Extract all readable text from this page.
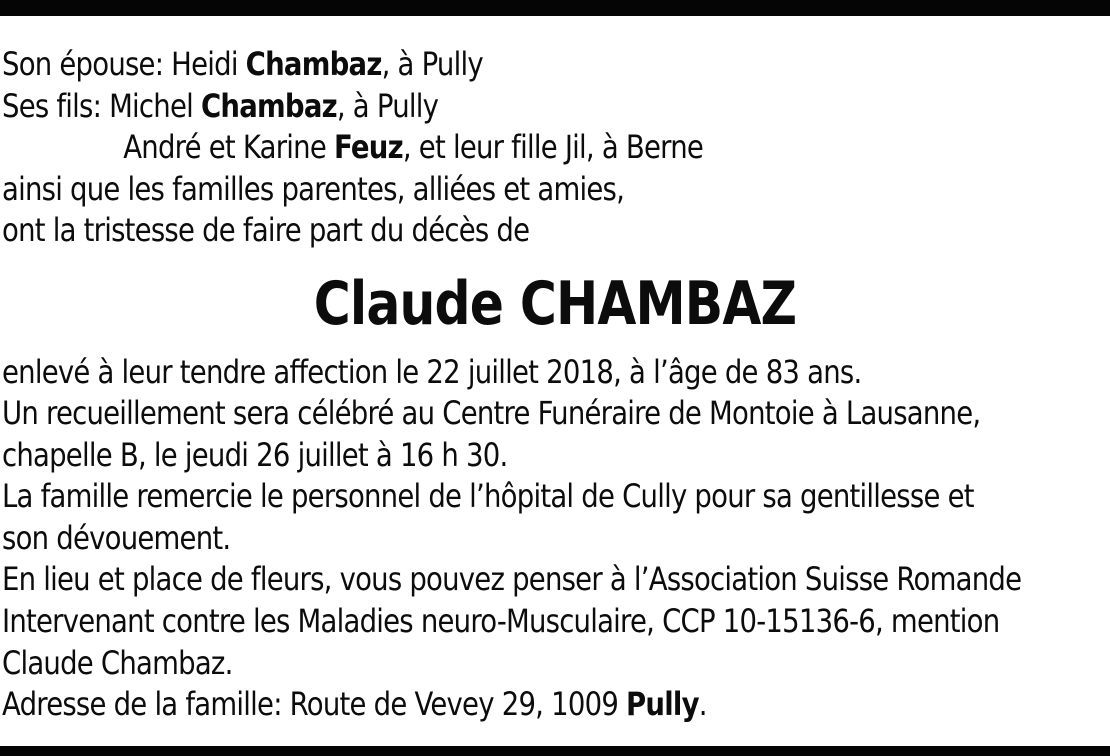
Son épouse: Heidi Chambaz, à Pully
Ses fils: Michel Chambaz, à Pully
André et Karine Feuz, et leur fille Jil, à Berne
ainsi que les familles parentes, alliées et amies,
ont la tristesse de faire part du décès de
Claude CHAMBAZ
enlevé à leur tendre affection le 22 juillet 2018, à l’âge de 83 ans.
Un recueillement sera célébré au Centre Funéraire de Montoie à Lausanne,
chapelle B, le jeudi 26 juillet à 16 h 30.
La famille remercie le personnel de l’hôpital de Cully pour sa gentillesse et
son dévouement.
En lieu et place de fleurs, vous pouvez penser à l’Association Suisse Romande
Intervenant contre les Maladies neuro-Musculaire, CCP 10-15136-6, mention
Claude Chambaz.
Adresse de la famille: Route de Vevey 29, 1009 Pully.
